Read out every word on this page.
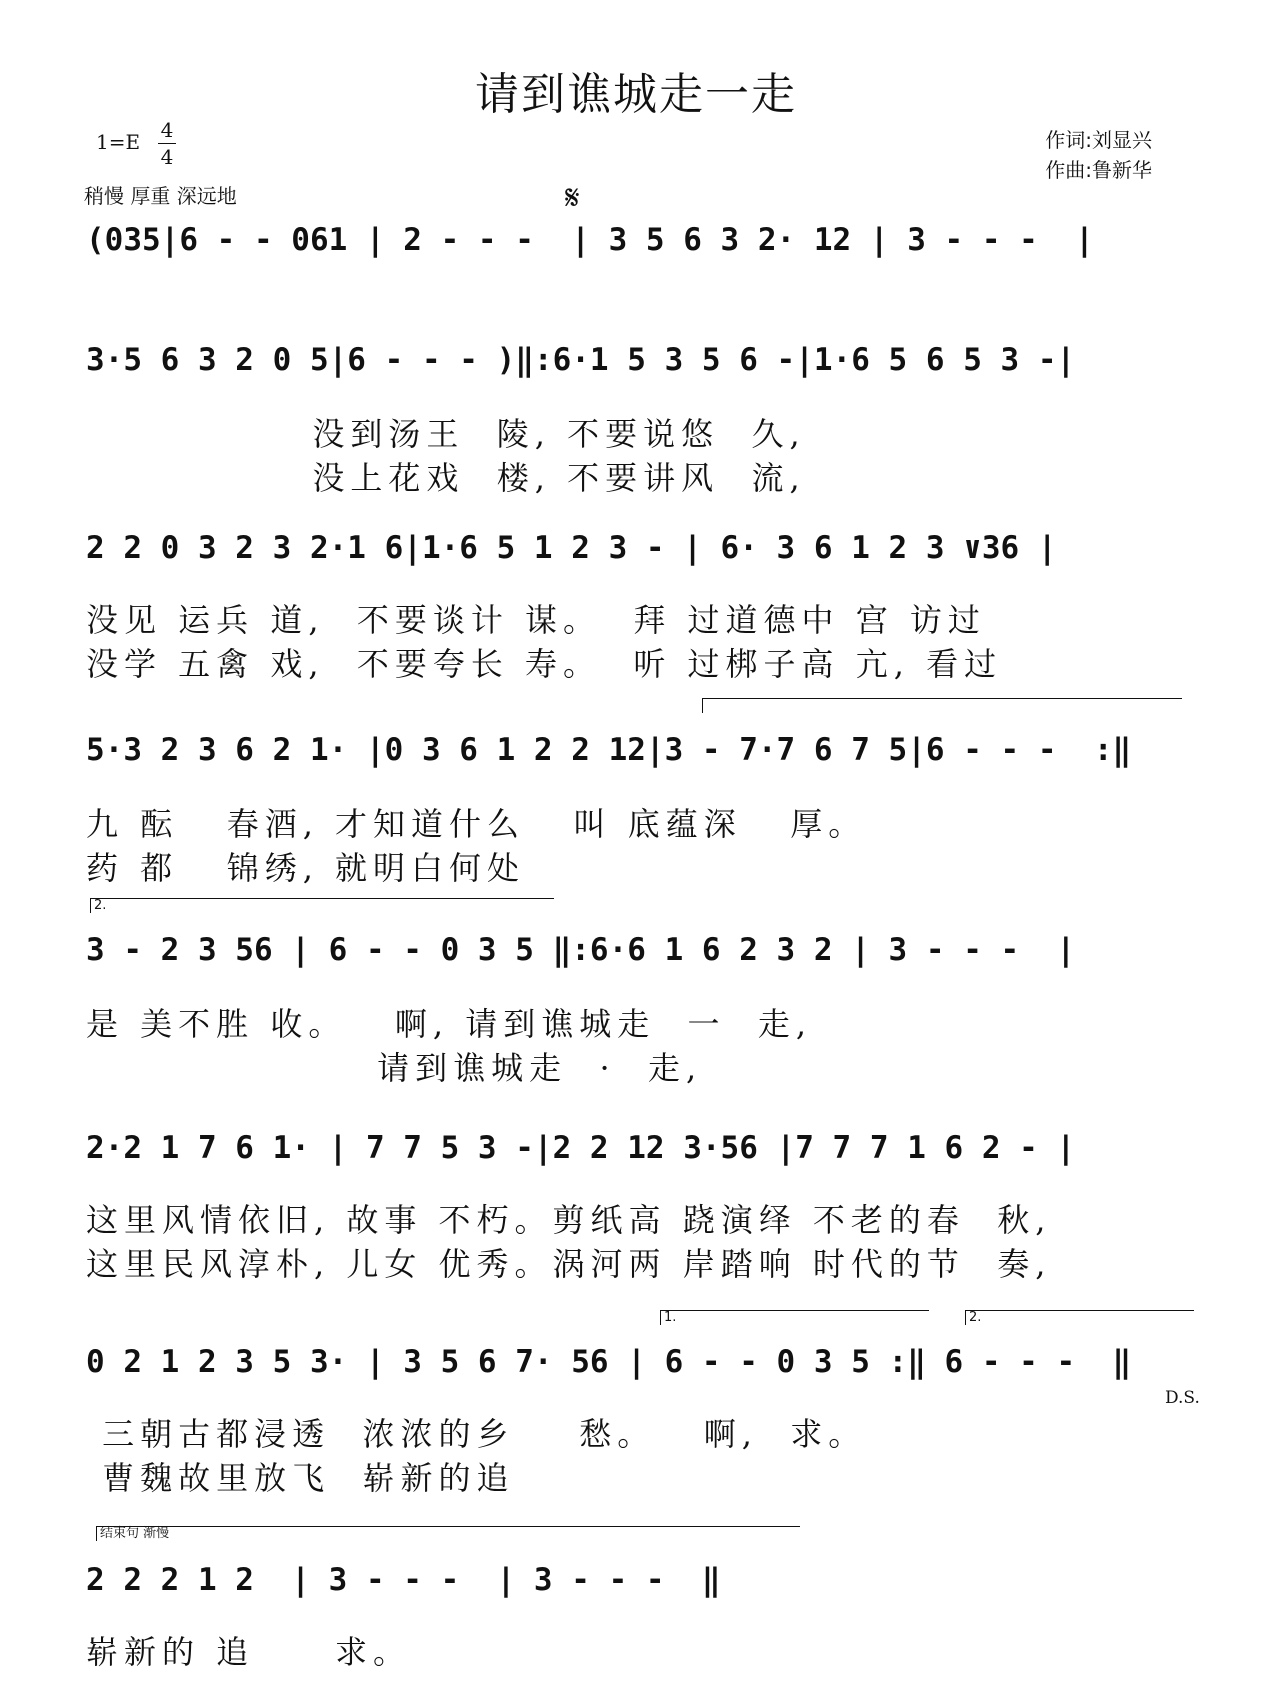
请到谯城走一走
1=E 4
4
稍慢 厚重 深远地
作词:刘显兴
作曲:鲁新华
𝄋
(035|6 - - 061 | 2 - - -  | 3 5 6 3 2· 12 | 3 - - -  |
3·5 6 3 2 0 5|6 - - - )‖:6·1 5 3 5 6 -|1·6 5 6 5 3 -|
没到汤王  陵, 不要说悠  久,
没上花戏  楼, 不要讲风  流,
2 2 0 3 2 3 2·1 6|1·6 5 1 2 3 - | 6· 3 6 1 2 3 ∨36 |
没见 运兵 道,  不要谈计 谋。  拜 过道德中 宫 访过
没学 五禽 戏,  不要夸长 寿。  听 过梆子高 亢, 看过
5·3 2 3 6 2 1· |0 3 6 1 2 2 12|3 - 7·7 6 7 5|6 - - -  :‖
九 酝   春酒, 才知道什么   叫 底蕴深   厚。
药 都   锦绣, 就明白何处
2.
3 - 2 3 56 | 6 - - 0 3 5 ‖:6·6 1 6 2 3 2 | 3 - - -  |
是 美不胜 收。   啊, 请到谯城走  一  走,
请到谯城走  ·  走,
2·2 1 7 6 1· | 7 7 5 3 -|2 2 12 3·56 |7 7 7 1 6 2 - |
这里风情依旧, 故事 不朽。剪纸高 跷演绎 不老的春  秋,
这里民风淳朴, 儿女 优秀。涡河两 岸踏响 时代的节  奏,
1.	2.
0 2 1 2 3 5 3· | 3 5 6 7· 56 | 6 - - 0 3 5 :‖ 6 - - -  ‖
D.S.
三朝古都浸透  浓浓的乡    愁。   啊,  求。
曹魏故里放飞  崭新的追
结束句 渐慢
2 2 2 1 2  | 3 - - -  | 3 - - -  ‖
崭新的 追     求。
